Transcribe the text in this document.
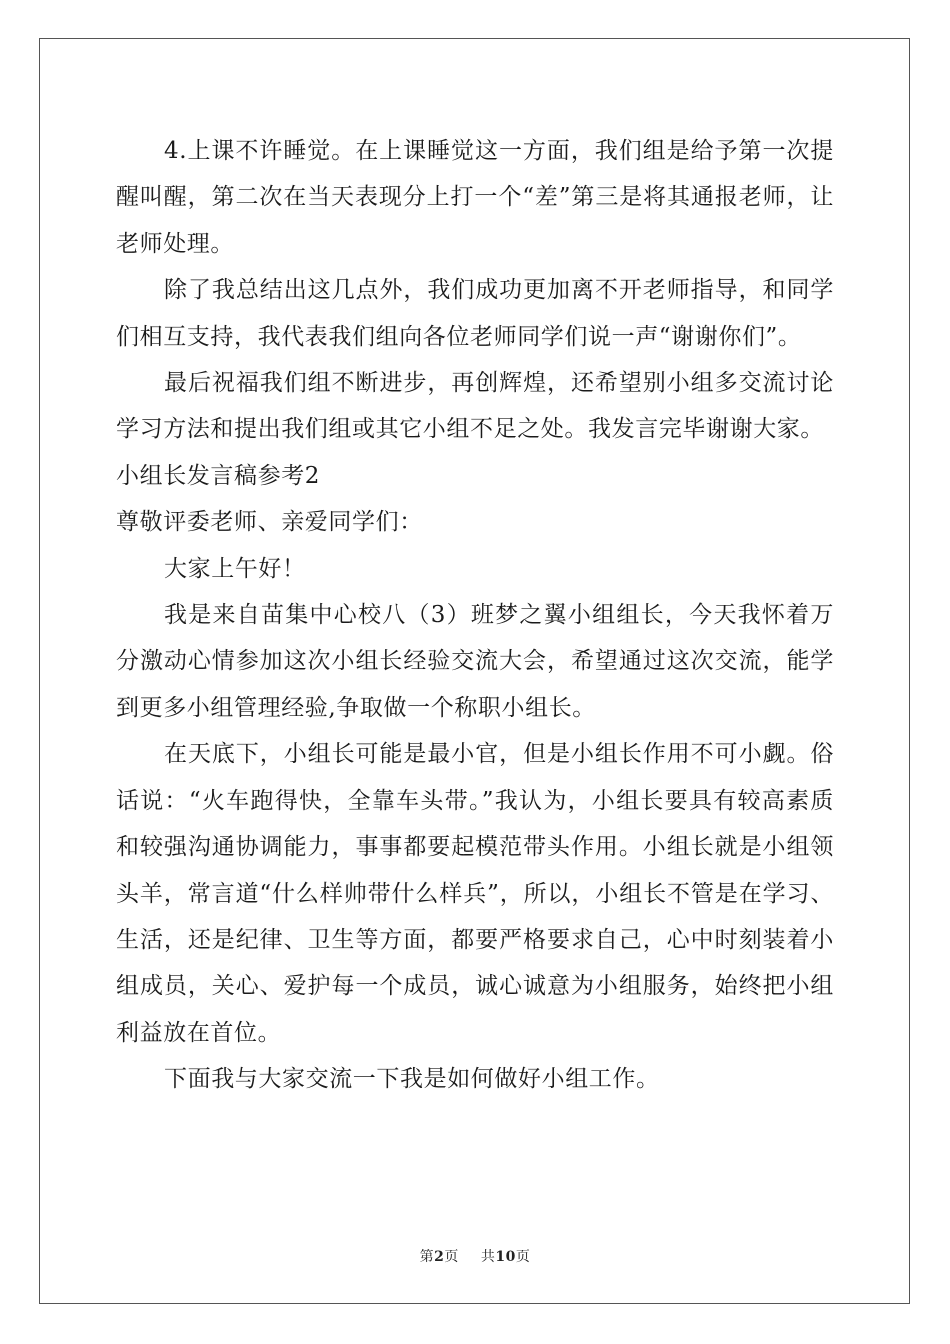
4.上课不许睡觉。在上课睡觉这一方面，我们组是给予第一次提醒叫醒，第二次在当天表现分上打一个“差”第三是将其通报老师，让老师处理。

除了我总结出这几点外，我们成功更加离不开老师指导，和同学们相互支持，我代表我们组向各位老师同学们说一声“谢谢你们”。

最后祝福我们组不断进步，再创辉煌，还希望别小组多交流讨论学习方法和提出我们组或其它小组不足之处。我发言完毕谢谢大家。

小组长发言稿参考2

尊敬评委老师、亲爱同学们：

大家上午好！

我是来自苗集中心校八（3）班梦之翼小组组长，今天我怀着万分激动心情参加这次小组长经验交流大会，希望通过这次交流，能学到更多小组管理经验,争取做一个称职小组长。

在天底下，小组长可能是最小官，但是小组长作用不可小觑。俗话说：“火车跑得快，全靠车头带。”我认为，小组长要具有较高素质和较强沟通协调能力，事事都要起模范带头作用。小组长就是小组领头羊，常言道“什么样帅带什么样兵”，所以，小组长不管是在学习、生活，还是纪律、卫生等方面，都要严格要求自己，心中时刻装着小组成员，关心、爱护每一个成员，诚心诚意为小组服务，始终把小组利益放在首位。

下面我与大家交流一下我是如何做好小组工作。

第2页 共10页
